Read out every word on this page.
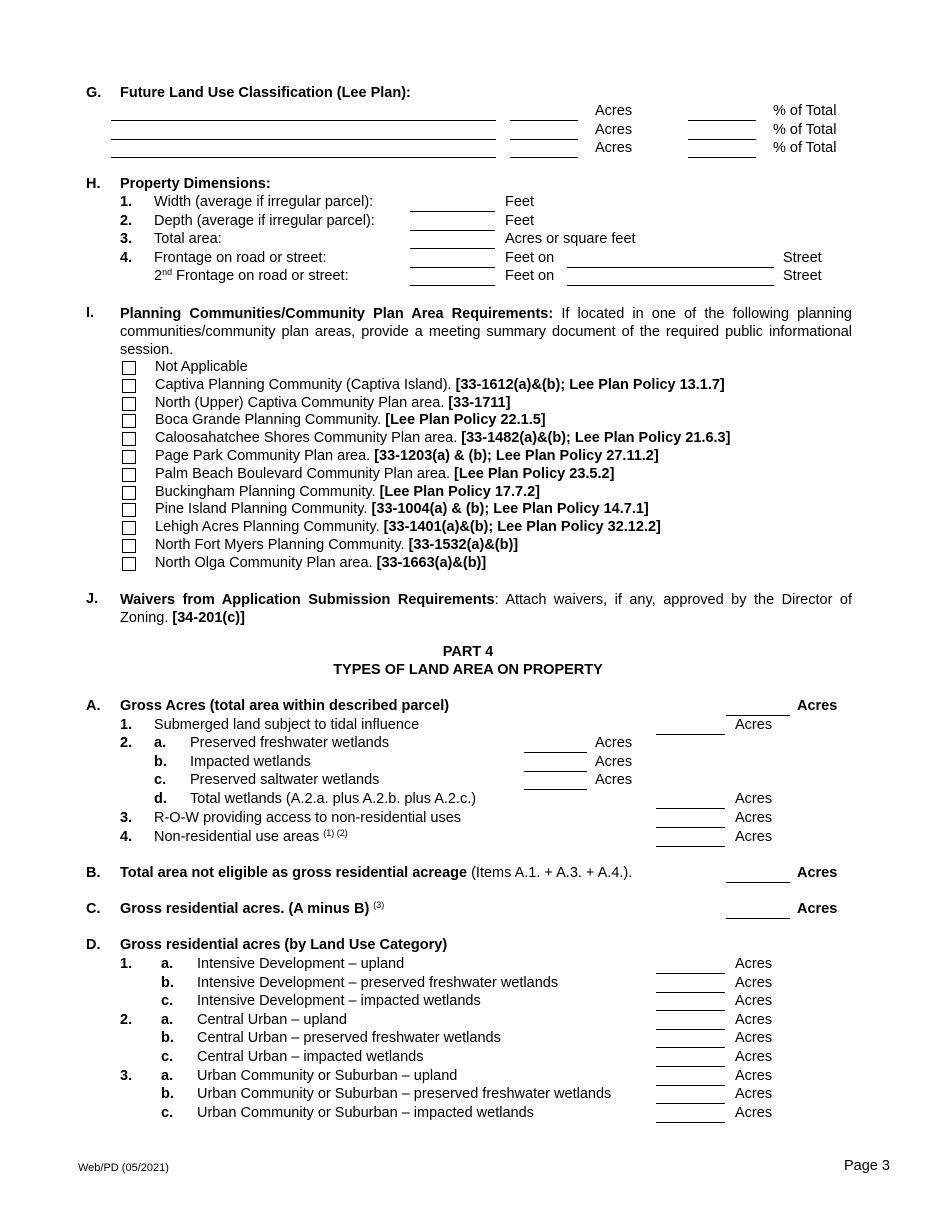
G. Future Land Use Classification (Lee Plan):
H. Property Dimensions:
I. Planning Communities/Community Plan Area Requirements: If located in one of the following planning communities/community plan areas, provide a meeting summary document of the required public informational session.
J. Waivers from Application Submission Requirements: Attach waivers, if any, approved by the Director of Zoning. [34-201(c)]
PART 4
TYPES OF LAND AREA ON PROPERTY
A. Gross Acres (total area within described parcel)	Acres
B. Total area not eligible as gross residential acreage (Items A.1. + A.3. + A.4.).	Acres
C. Gross residential acres. (A minus B) $^{(3)}$	Acres
D. Gross residential acres (by Land Use Category)
Web/PD (05/2021)	Page 3
Acres	% of Total
Acres	% of Total
Acres	% of Total
1. Width (average if irregular parcel):	Feet
2. Depth (average if irregular parcel):	Feet
3. Total area:	Acres or square feet
4. Frontage on road or street:	Feet on	Street
2nd Frontage on road or street:	Feet on	Street
Not Applicable
Captiva Planning Community (Captiva Island). [33-1612(a)&(b); Lee Plan Policy 13.1.7]
North (Upper) Captiva Community Plan area. [33-1711]
Boca Grande Planning Community. [Lee Plan Policy 22.1.5]
Caloosahatchee Shores Community Plan area. [33-1482(a)&(b); Lee Plan Policy 21.6.3]
Page Park Community Plan area. [33-1203(a) & (b); Lee Plan Policy 27.11.2]
Palm Beach Boulevard Community Plan area. [Lee Plan Policy 23.5.2]
Buckingham Planning Community. [Lee Plan Policy 17.7.2]
Pine Island Planning Community. [33-1004(a) & (b); Lee Plan Policy 14.7.1]
Lehigh Acres Planning Community. [33-1401(a)&(b); Lee Plan Policy 32.12.2]
North Fort Myers Planning Community. [33-1532(a)&(b)]
North Olga Community Plan area. [33-1663(a)&(b)]
1. Submerged land subject to tidal influence	Acres
2. a. Preserved freshwater wetlands	Acres
b. Impacted wetlands	Acres
c. Preserved saltwater wetlands	Acres
d. Total wetlands (A.2.a. plus A.2.b. plus A.2.c.)	Acres
3. R-O-W providing access to non-residential uses	Acres
4. Non-residential use areas $^{(1) (2)}$	Acres
1. a. Intensive Development – upland	Acres
b. Intensive Development – preserved freshwater wetlands	Acres
c. Intensive Development – impacted wetlands	Acres
2. a. Central Urban – upland	Acres
b. Central Urban – preserved freshwater wetlands	Acres
c. Central Urban – impacted wetlands	Acres
3. a. Urban Community or Suburban – upland	Acres
b. Urban Community or Suburban – preserved freshwater wetlands	Acres
c. Urban Community or Suburban – impacted wetlands	Acres
